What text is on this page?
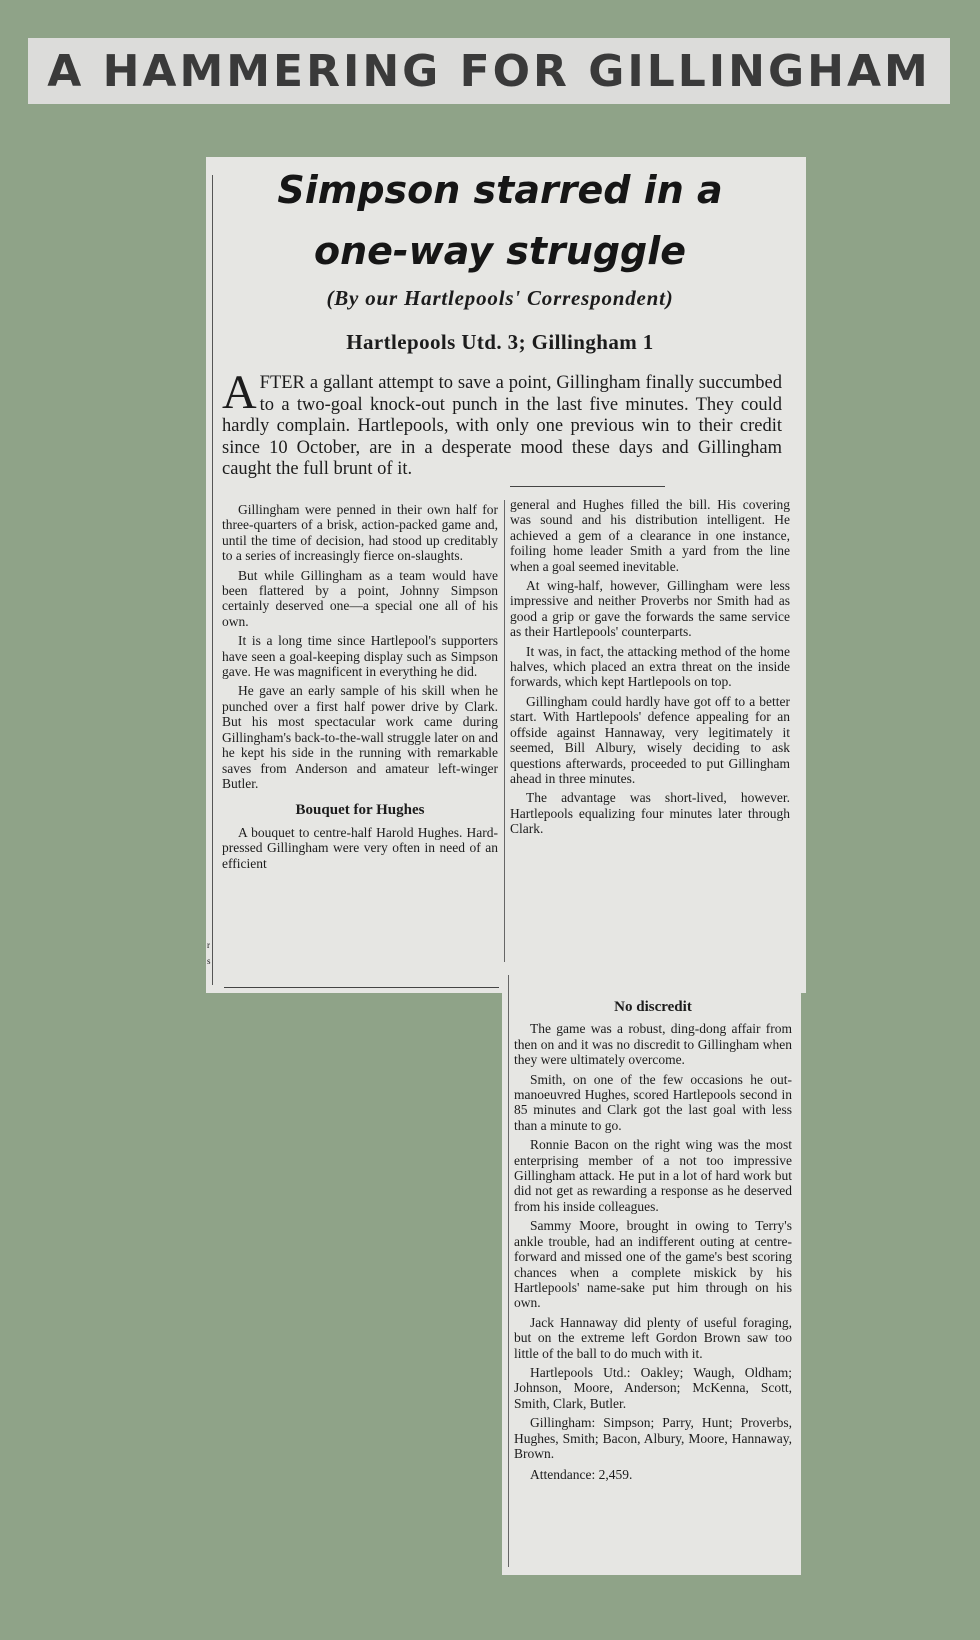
A HAMMERING FOR GILLINGHAM
r
s
Simpson starred in a
one-way struggle
(By our Hartlepools' Correspondent)
Hartlepools Utd. 3; Gillingham 1
AFTER a gallant attempt to save a point, Gillingham finally succumbed to a two-goal knock-out punch in the last five minutes. They could hardly complain. Hartlepools, with only one previous win to their credit since 10 October, are in a desperate mood these days and Gillingham caught the full brunt of it.

Gillingham were penned in their own half for three-quarters of a brisk, action-packed game and, until the time of decision, had stood up creditably to a series of increasingly fierce on-slaughts.

But while Gillingham as a team would have been flattered by a point, Johnny Simpson certainly deserved one—a special one all of his own.

It is a long time since Hartlepool's supporters have seen a goal-keeping display such as Simpson gave. He was magnificent in everything he did.

He gave an early sample of his skill when he punched over a first half power drive by Clark. But his most spectacular work came during Gillingham's back-to-the-wall struggle later on and he kept his side in the running with remarkable saves from Anderson and amateur left-winger Butler.

Bouquet for Hughes

A bouquet to centre-half Harold Hughes. Hard-pressed Gillingham were very often in need of an efficient

general and Hughes filled the bill. His covering was sound and his distribution intelligent. He achieved a gem of a clearance in one instance, foiling home leader Smith a yard from the line when a goal seemed inevitable.

At wing-half, however, Gillingham were less impressive and neither Proverbs nor Smith had as good a grip or gave the forwards the same service as their Hartlepools' counterparts.

It was, in fact, the attacking method of the home halves, which placed an extra threat on the inside forwards, which kept Hartlepools on top.

Gillingham could hardly have got off to a better start. With Hartlepools' defence appealing for an offside against Hannaway, very legitimately it seemed, Bill Albury, wisely deciding to ask questions afterwards, proceeded to put Gillingham ahead in three minutes.

The advantage was short-lived, however. Hartlepools equalizing four minutes later through Clark.

No discredit

The game was a robust, ding-dong affair from then on and it was no discredit to Gillingham when they were ultimately overcome.

Smith, on one of the few occasions he out-manoeuvred Hughes, scored Hartlepools second in 85 minutes and Clark got the last goal with less than a minute to go.

Ronnie Bacon on the right wing was the most enterprising member of a not too impressive Gillingham attack. He put in a lot of hard work but did not get as rewarding a response as he deserved from his inside colleagues.

Sammy Moore, brought in owing to Terry's ankle trouble, had an indifferent outing at centre-forward and missed one of the game's best scoring chances when a complete miskick by his Hartlepools' name-sake put him through on his own.

Jack Hannaway did plenty of useful foraging, but on the extreme left Gordon Brown saw too little of the ball to do much with it.

Hartlepools Utd.: Oakley; Waugh, Oldham; Johnson, Moore, Anderson; McKenna, Scott, Smith, Clark, Butler.

Gillingham: Simpson; Parry, Hunt; Proverbs, Hughes, Smith; Bacon, Albury, Moore, Hannaway, Brown.

Attendance: 2,459.
